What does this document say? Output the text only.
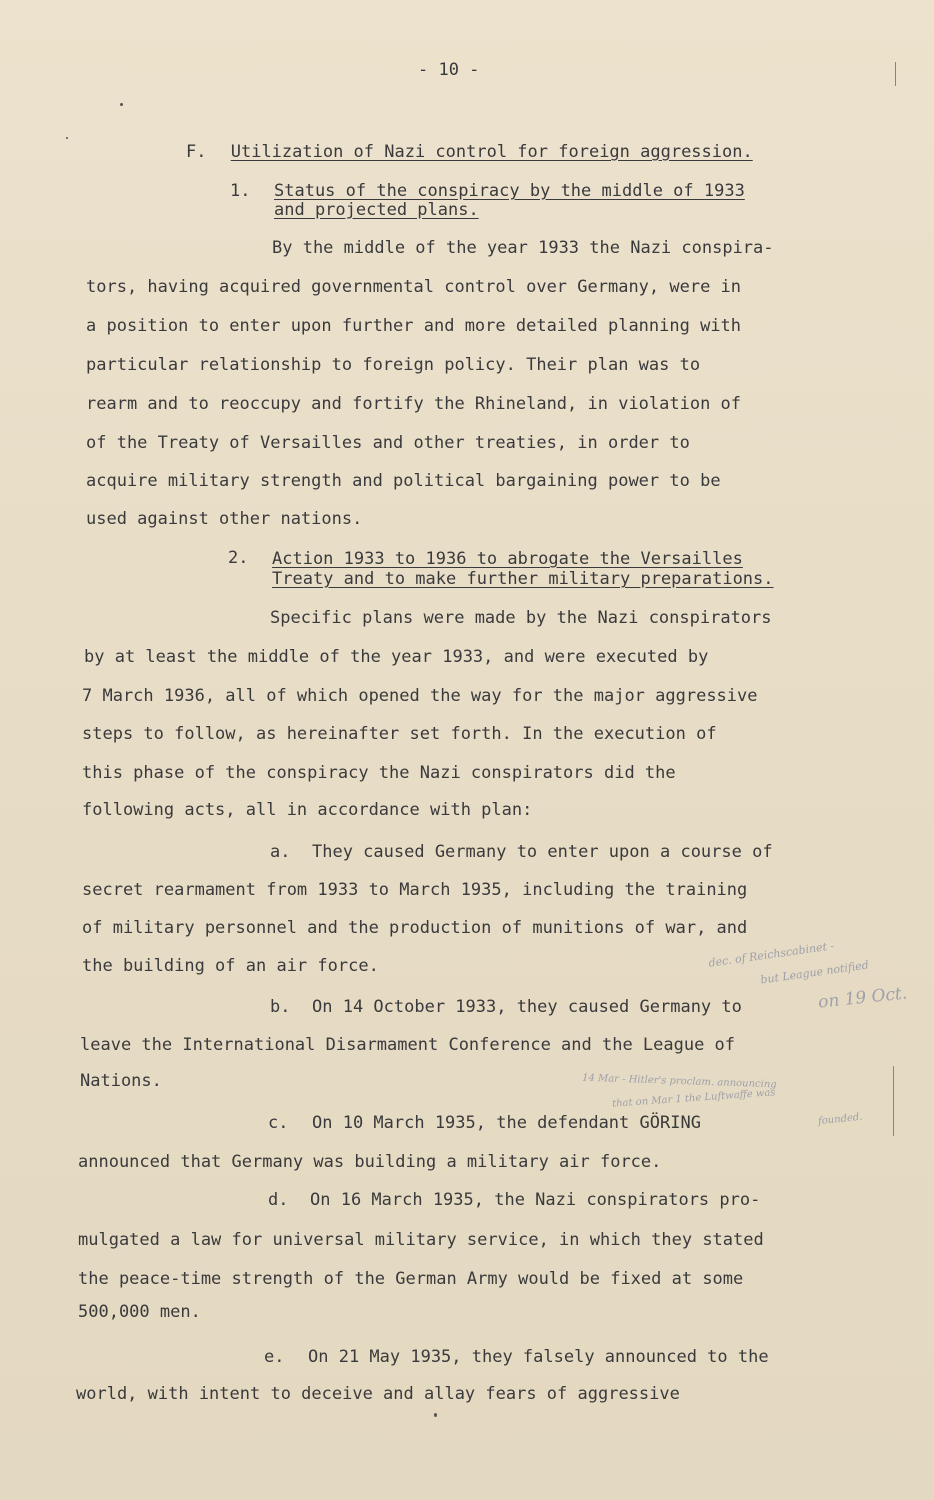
- 10 -
F. Utilization of Nazi control for foreign aggression.
1. Status of the conspiracy by the middle of 1933
and projected plans.
By the middle of the year 1933 the Nazi conspira-
tors, having acquired governmental control over Germany, were in
a position to enter upon further and more detailed planning with
particular relationship to foreign policy. Their plan was to
rearm and to reoccupy and fortify the Rhineland, in violation of
of the Treaty of Versailles and other treaties, in order to
acquire military strength and political bargaining power to be
used against other nations.
2. Action 1933 to 1936 to abrogate the Versailles
Treaty and to make further military preparations.
Specific plans were made by the Nazi conspirators
by at least the middle of the year 1933, and were executed by
7 March 1936, all of which opened the way for the major aggressive
steps to follow, as hereinafter set forth. In the execution of
this phase of the conspiracy the Nazi conspirators did the
following acts, all in accordance with plan:
a. They caused Germany to enter upon a course of
secret rearmament from 1933 to March 1935, including the training
of military personnel and the production of munitions of war, and
the building of an air force.
b. On 14 October 1933, they caused Germany to
leave the International Disarmament Conference and the League of
Nations.
c. On 10 March 1935, the defendant GÖRING
announced that Germany was building a military air force.
d. On 16 March 1935, the Nazi conspirators pro-
mulgated a law for universal military service, in which they stated
the peace-time strength of the German Army would be fixed at some
500,000 men.
e. On 21 May 1935, they falsely announced to the
world, with intent to deceive and allay fears of aggressive
dec. of Reichscabinet -
but League notified
on 19 Oct.
14 Mar - Hitler's proclam. announcing
that on Mar 1 the Luftwaffe was
founded.
